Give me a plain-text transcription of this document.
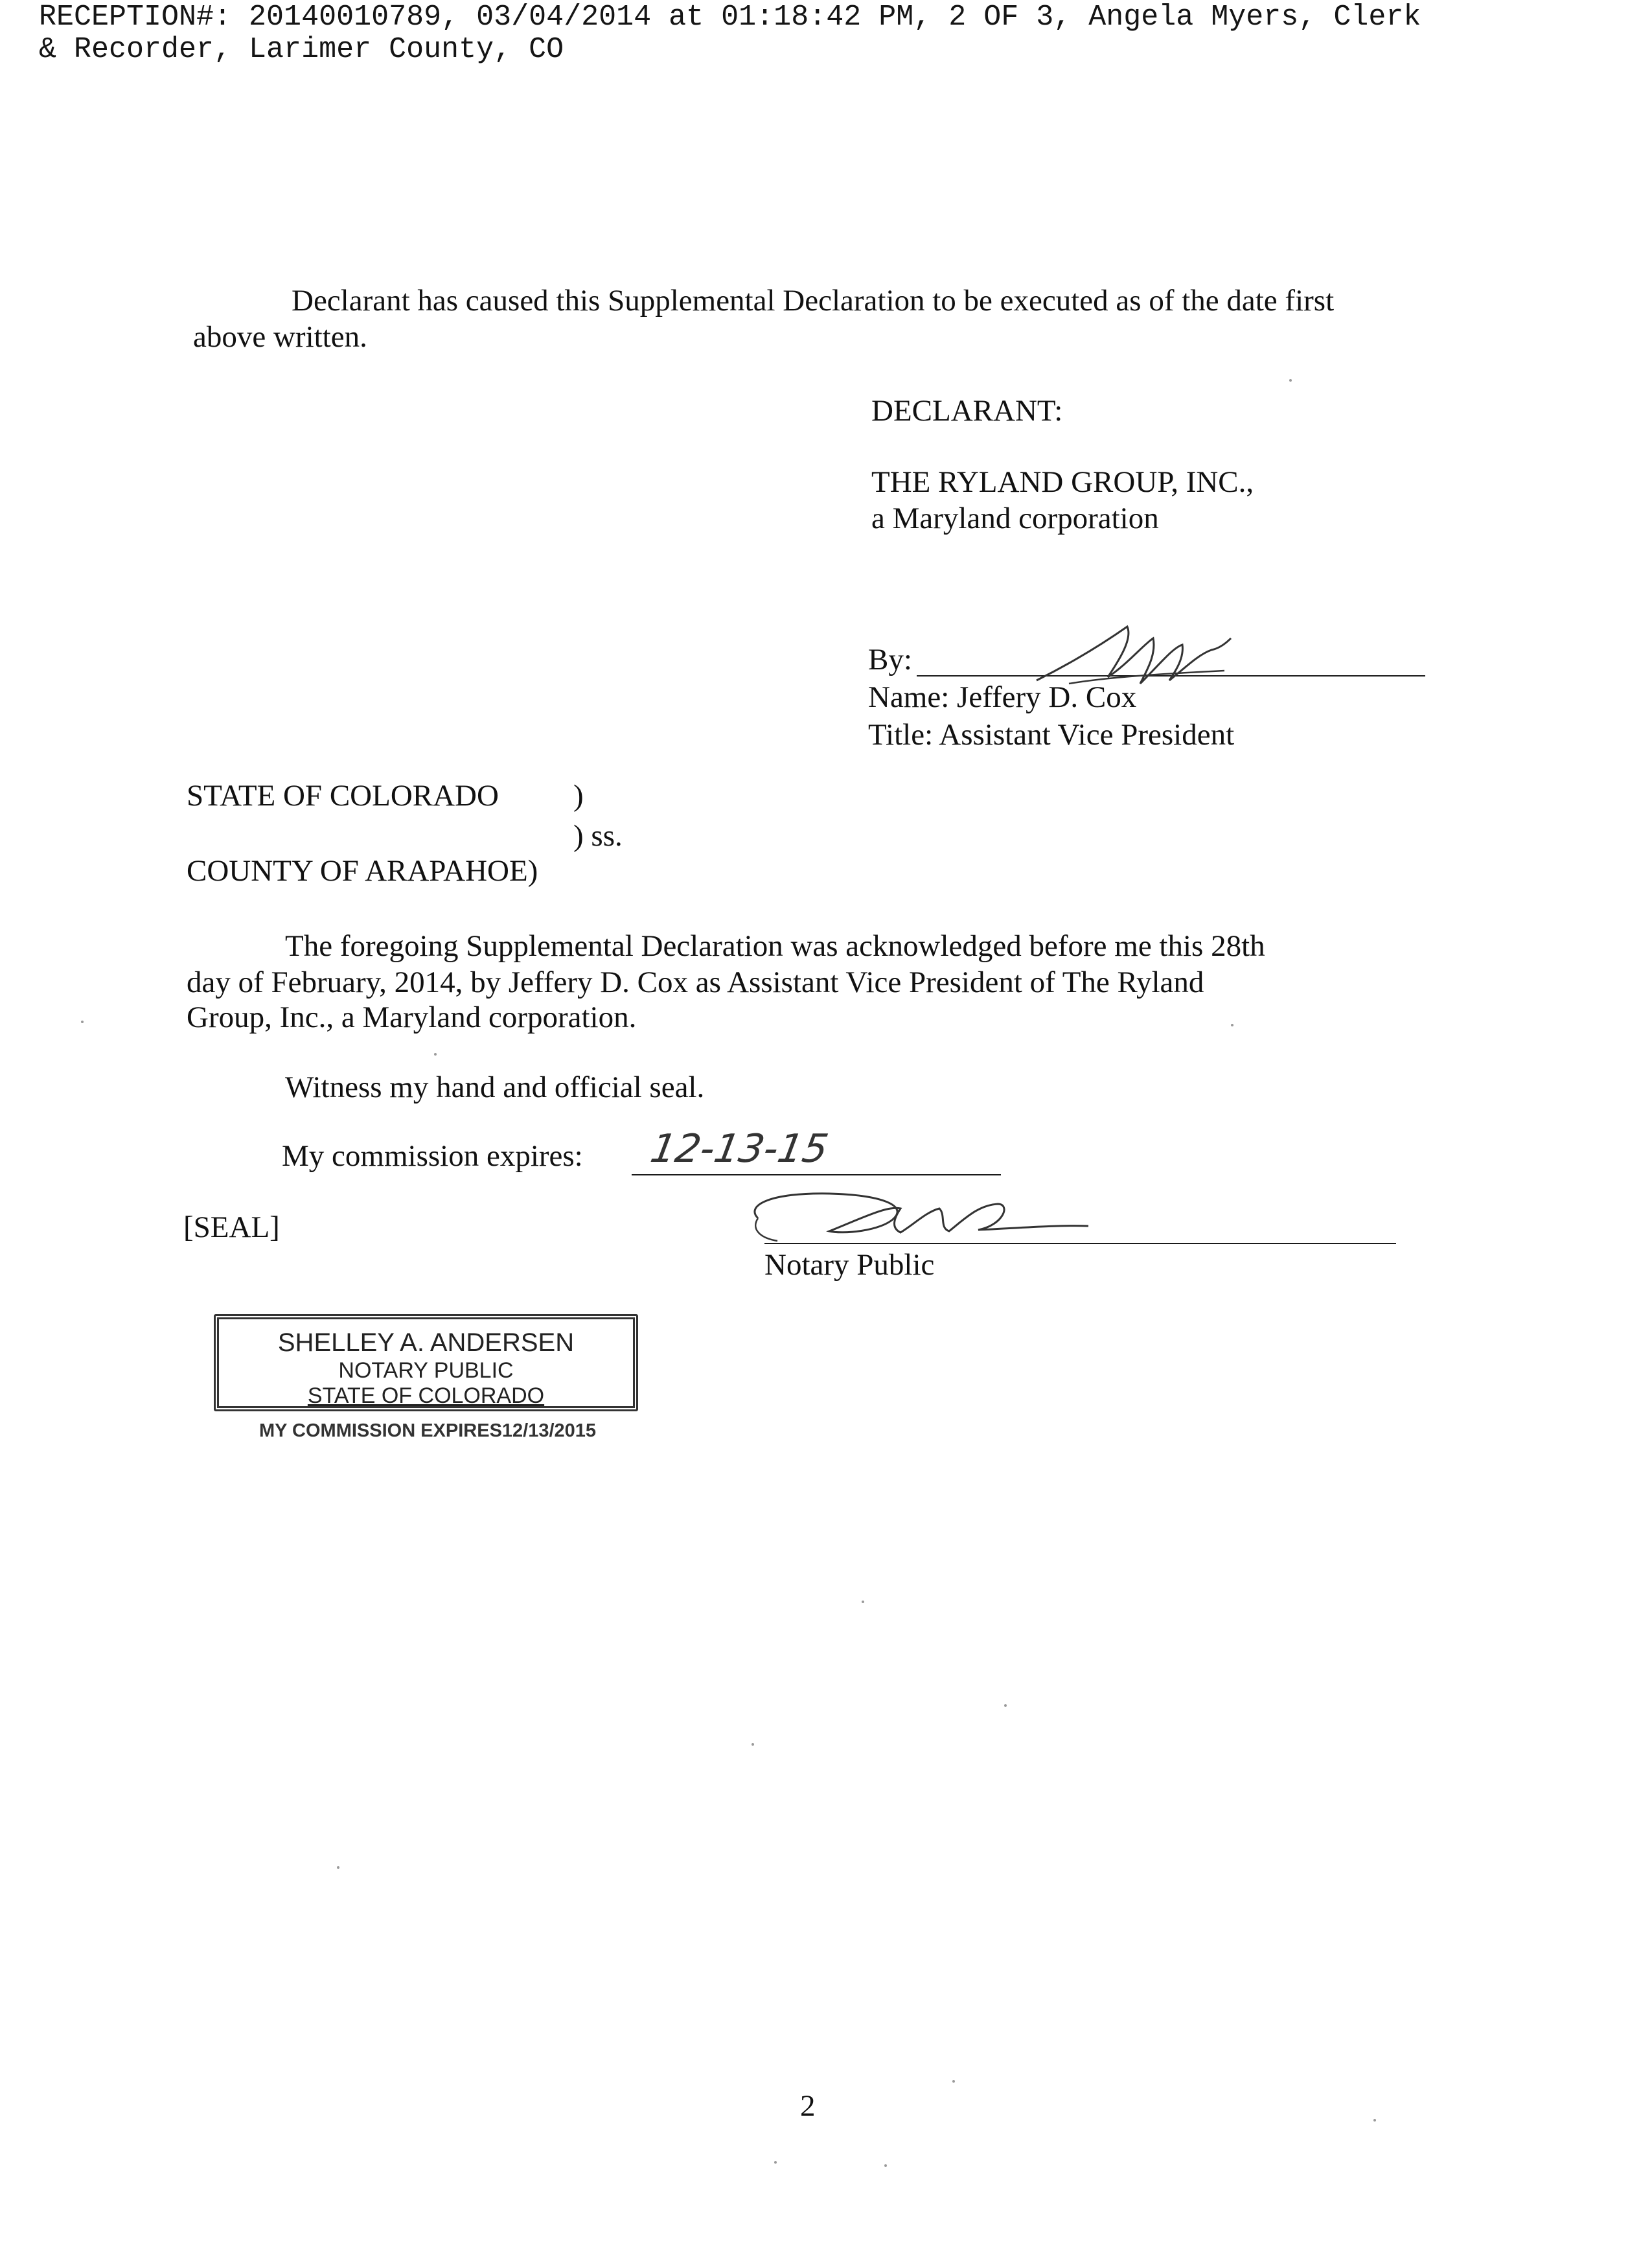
RECEPTION#: 20140010789, 03/04/2014 at 01:18:42 PM, 2 OF 3, Angela Myers, Clerk
& Recorder, Larimer County, CO
Declarant has caused this Supplemental Declaration to be executed as of the date first
above written.
DECLARANT:
THE RYLAND GROUP, INC.,
a Maryland corporation
By:
Name: Jeffery D. Cox
Title: Assistant Vice President
STATE OF COLORADO )
) ss.
COUNTY OF ARAPAHOE)
The foregoing Supplemental Declaration was acknowledged before me this 28th
day of February, 2014, by Jeffery D. Cox as Assistant Vice President of The Ryland
Group, Inc., a Maryland corporation.
Witness my hand and official seal.
My commission expires: 12-13-15
[SEAL]
Notary Public
SHELLEY A. ANDERSEN
NOTARY PUBLIC
STATE OF COLORADO
MY COMMISSION EXPIRES12/13/2015
2
